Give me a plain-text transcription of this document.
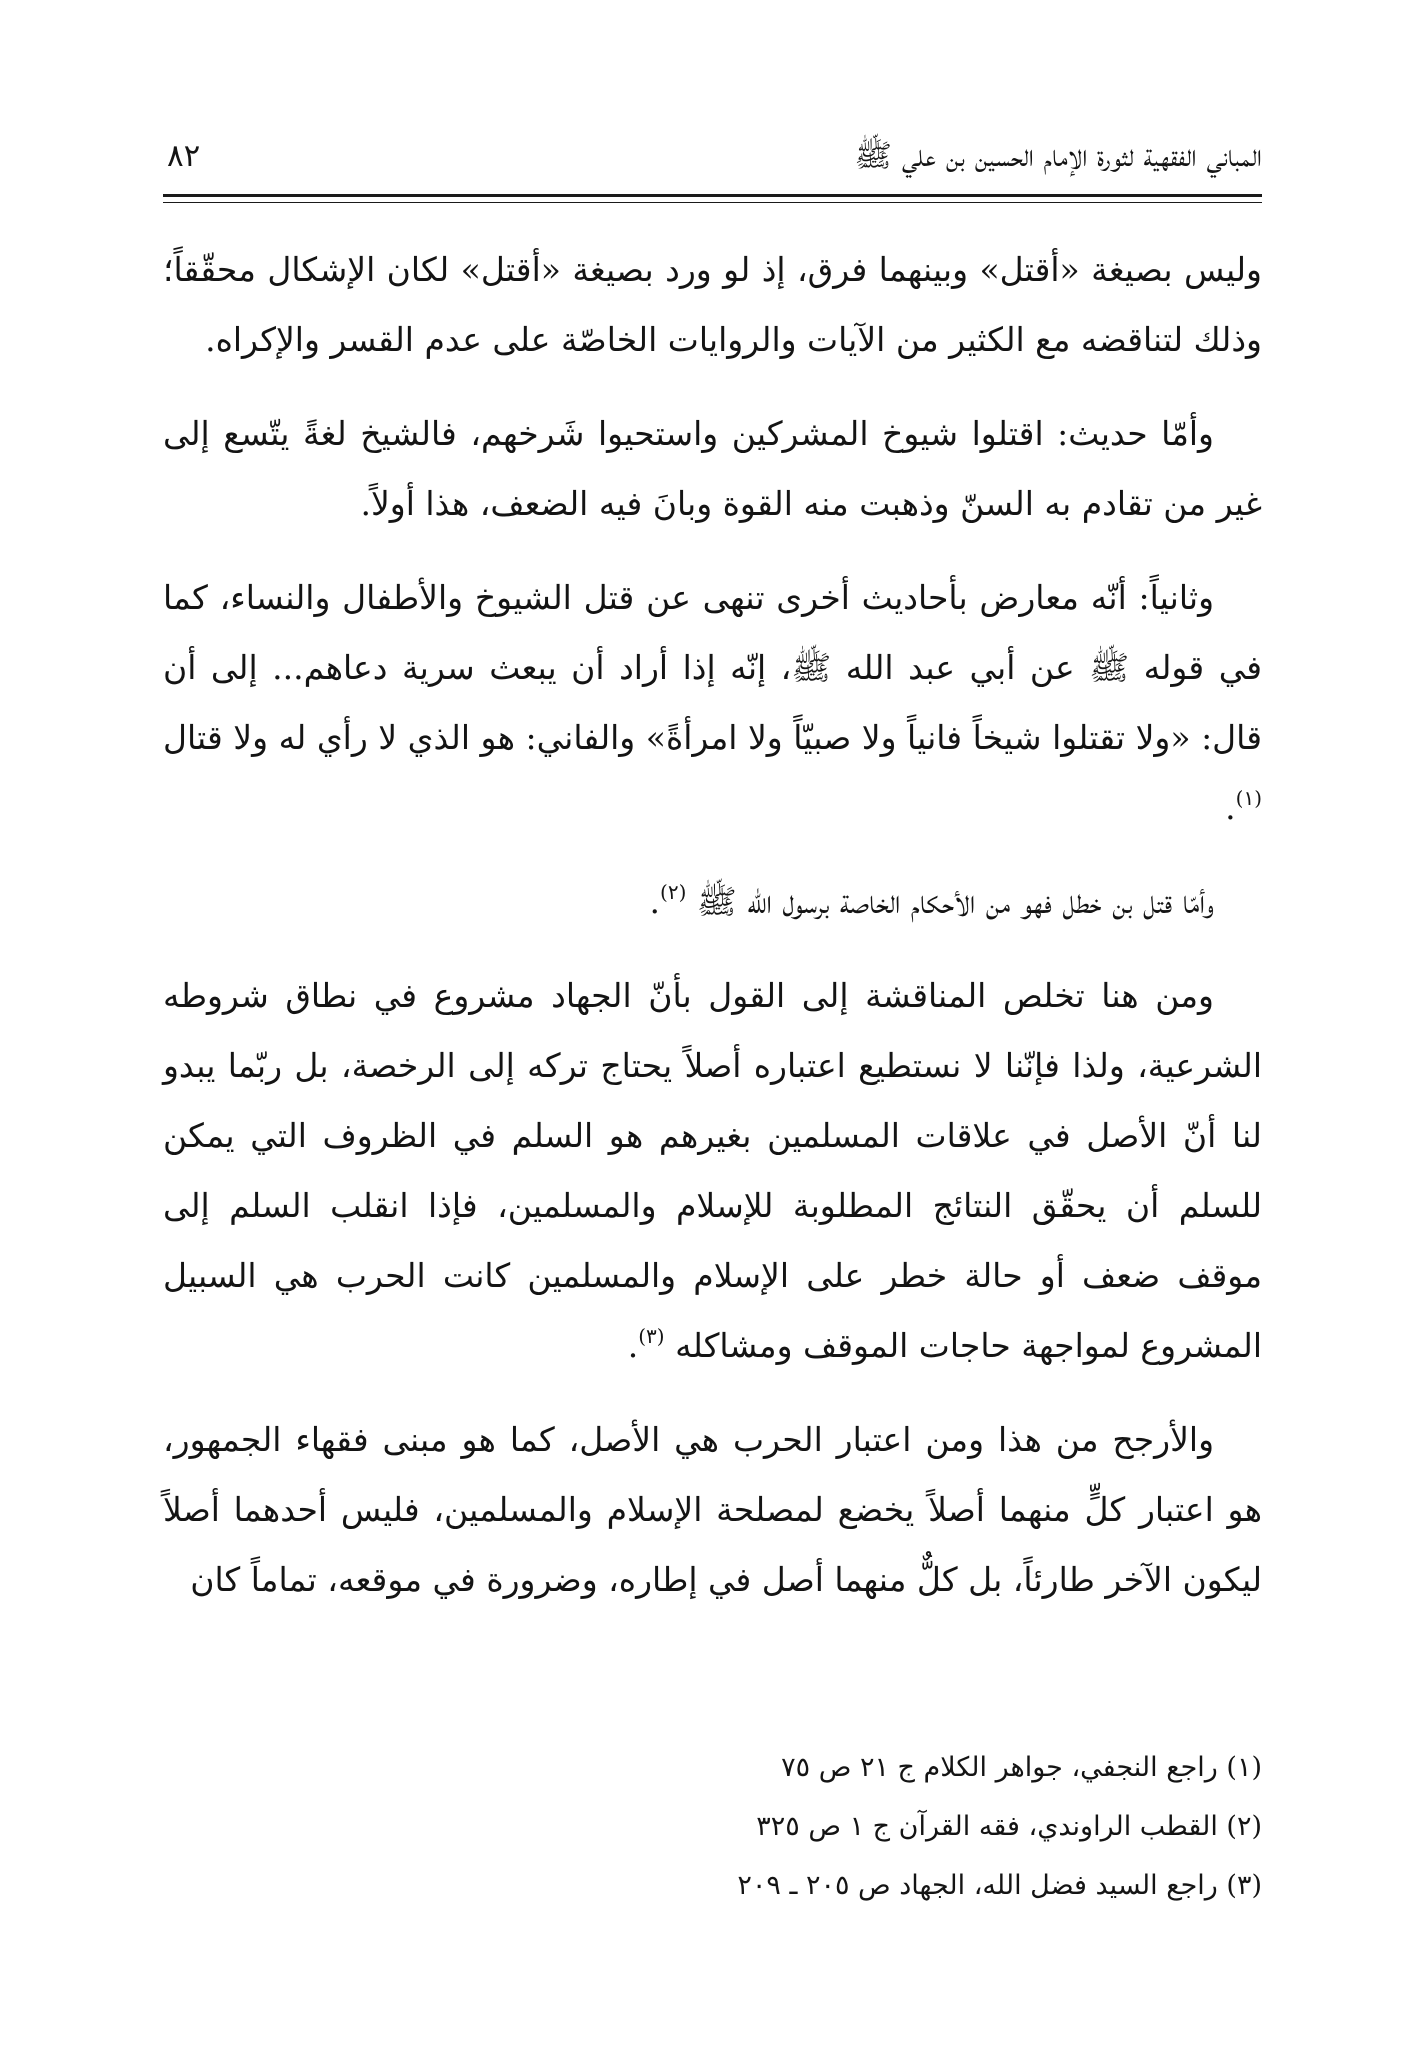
المباني الفقهية لثورة الإمام الحسين بن علي ﷺ
٨٢

وليس بصيغة «أقتل» وبينهما فرق، إذ لو ورد بصيغة «أقتل» لكان الإشكال محقّقاً؛ وذلك لتناقضه مع الكثير من الآيات والروايات الخاصّة على عدم القسر والإكراه.

وأمّا حديث: اقتلوا شيوخ المشركين واستحيوا شَرخهم، فالشيخ لغةً يتّسع إلى غير من تقادم به السنّ وذهبت منه القوة وبانَ فيه الضعف، هذا أولاً.

وثانياً: أنّه معارض بأحاديث أخرى تنهى عن قتل الشيوخ والأطفال والنساء، كما في قوله ﷺ عن أبي عبد الله ﷺ، إنّه إذا أراد أن يبعث سرية دعاهم... إلى أن قال: «ولا تقتلوا شيخاً فانياً ولا صبيّاً ولا امرأةً» والفاني: هو الذي لا رأي له ولا قتال $^{(١)}$.

وأمّا قتل بن خطل فهو من الأحكام الخاصة برسول الله ﷺ $^{(٢)}$.

ومن هنا تخلص المناقشة إلى القول بأنّ الجهاد مشروع في نطاق شروطه الشرعية، ولذا فإنّنا لا نستطيع اعتباره أصلاً يحتاج تركه إلى الرخصة، بل ربّما يبدو لنا أنّ الأصل في علاقات المسلمين بغيرهم هو السلم في الظروف التي يمكن للسلم أن يحقّق النتائج المطلوبة للإسلام والمسلمين، فإذا انقلب السلم إلى موقف ضعف أو حالة خطر على الإسلام والمسلمين كانت الحرب هي السبيل المشروع لمواجهة حاجات الموقف ومشاكله $^{(٣)}$.

والأرجح من هذا ومن اعتبار الحرب هي الأصل، كما هو مبنى فقهاء الجمهور، هو اعتبار كلٍّ منهما أصلاً يخضع لمصلحة الإسلام والمسلمين، فليس أحدهما أصلاً ليكون الآخر طارئاً، بل كلٌّ منهما أصل في إطاره، وضرورة في موقعه، تماماً كان

(١) راجع النجفي، جواهر الكلام ج ٢١ ص ٧٥
(٢) القطب الراوندي، فقه القرآن ج ١ ص ٣٢٥
(٣) راجع السيد فضل الله، الجهاد ص ٢٠٥ ـ ٢٠٩
